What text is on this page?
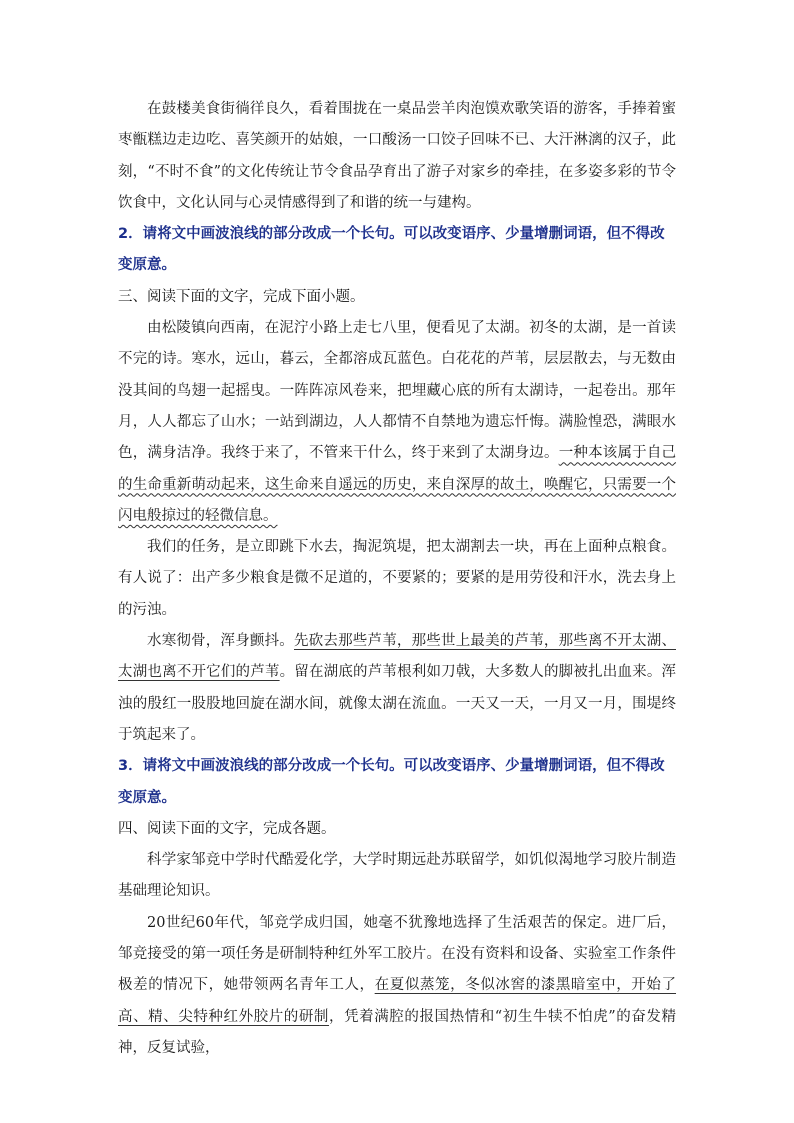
在鼓楼美食街徜徉良久，看着围拢在一桌品尝羊肉泡馍欢歌笑语的游客，手捧着蜜枣甑糕边走边吃、喜笑颜开的姑娘，一口酸汤一口饺子回味不已、大汗淋漓的汉子，此刻，“不时不食”的文化传统让节令食品孕育出了游子对家乡的牵挂，在多姿多彩的节令饮食中，文化认同与心灵情感得到了和谐的统一与建构。

2．请将文中画波浪线的部分改成一个长句。可以改变语序、少量增删词语，但不得改变原意。

三、阅读下面的文字，完成下面小题。

由松陵镇向西南，在泥泞小路上走七八里，便看见了太湖。初冬的太湖，是一首读不完的诗。寒水，远山，暮云，全都溶成瓦蓝色。白花花的芦苇，层层散去，与无数由没其间的鸟翅一起摇曳。一阵阵凉风卷来，把埋藏心底的所有太湖诗，一起卷出。那年月，人人都忘了山水；一站到湖边，人人都情不自禁地为遗忘忏悔。满脸惶恐，满眼水色，满身洁净。我终于来了，不管来干什么，终于来到了太湖身边。一种本该属于自己的生命重新萌动起来，这生命来自遥远的历史，来自深厚的故土，唤醒它，只需要一个闪电般掠过的轻微信息。

我们的任务，是立即跳下水去，掏泥筑堤，把太湖割去一块，再在上面种点粮食。有人说了：出产多少粮食是微不足道的，不要紧的；要紧的是用劳役和汗水，洗去身上的污浊。

水寒彻骨，浑身颤抖。先砍去那些芦苇，那些世上最美的芦苇，那些离不开太湖、太湖也离不开它们的芦苇。留在湖底的芦苇根利如刀戟，大多数人的脚被扎出血来。浑浊的殷红一股股地回旋在湖水间，就像太湖在流血。一天又一天，一月又一月，围堤终于筑起来了。

3．请将文中画波浪线的部分改成一个长句。可以改变语序、少量增删词语，但不得改变原意。

四、阅读下面的文字，完成各题。

科学家邹竞中学时代酷爱化学，大学时期远赴苏联留学，如饥似渴地学习胶片制造基础理论知识。

20世纪60年代，邹竞学成归国，她毫不犹豫地选择了生活艰苦的保定。进厂后，邹竞接受的第一项任务是研制特种红外军工胶片。在没有资料和设备、实验室工作条件极差的情况下，她带领两名青年工人，在夏似蒸笼，冬似冰窖的漆黑暗室中，开始了高、精、尖特种红外胶片的研制，凭着满腔的报国热情和“初生牛犊不怕虎”的奋发精神，反复试验，
